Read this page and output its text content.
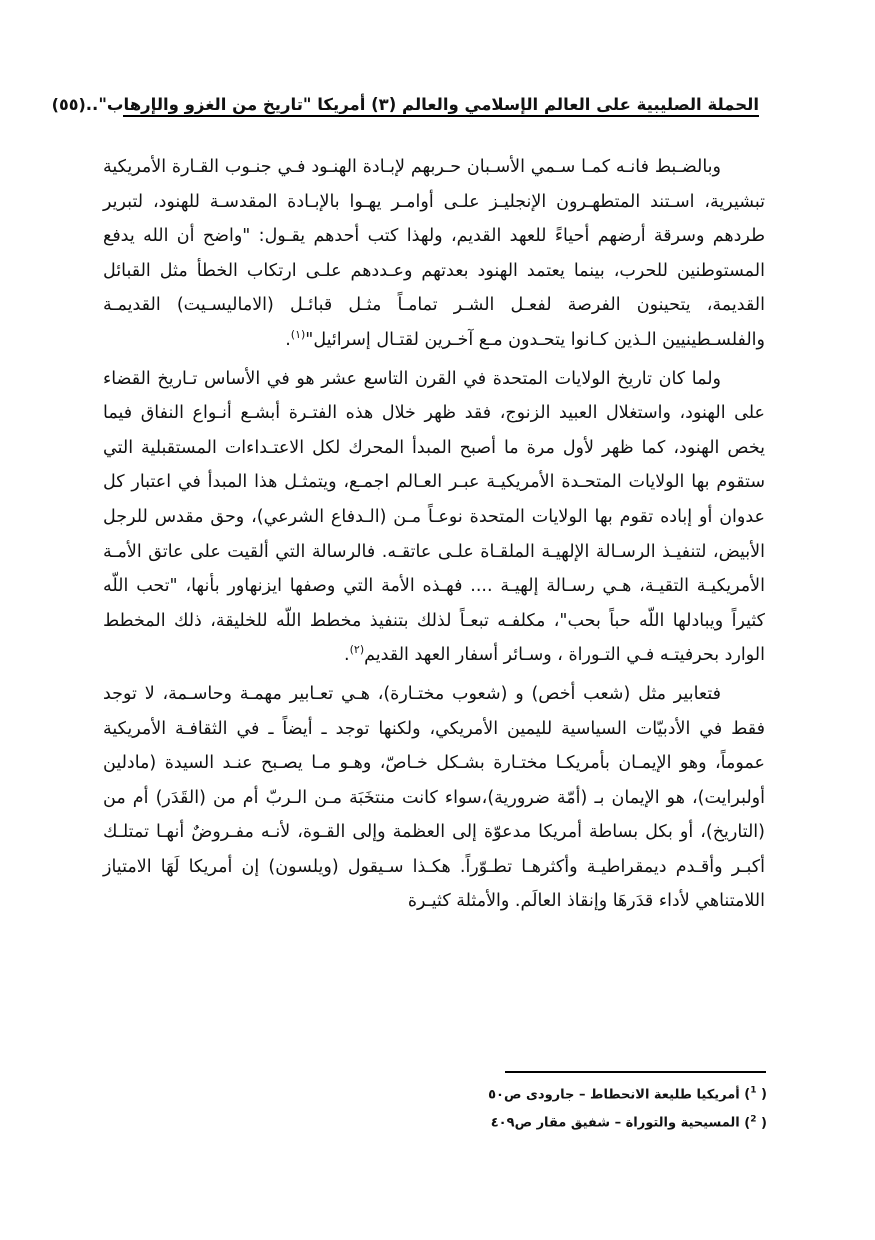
الحملة الصليبية على العالم الإسلامي والعالم (٣) أمريكا "تاريخ من الغزو والإرهاب"..
(٥٥)

وبالضـبط فانـه كمـا سـمي الأسـبان حـربهم لإبـادة الهنـود فـي جنـوب القـارة الأمريكية تبشيرية، اسـتند المتطهـرون الإنجليـز علـى أوامـر يهـوا بالإبـادة المقدسـة للهنود، لتبرير طردهم وسرقة أرضهم أحياءً للعهد القديم، ولهذا كتب أحدهم يقـول: "واضح أن الله يدفع المستوطنين للحرب، بينما يعتمد الهنود بعدتهم وعـددهم علـى ارتكاب الخطأ مثل القبائل القديمة، يتحينون الفرصة لفعـل الشـر تمامـاً مثـل قبائـل (الاماليسـيت) القديمـة والفلسـطينيين الـذين كـانوا يتحـدون مـع آخـرين لقتـال إسرائيل"$^{(١)}$.

ولما كان تاريخ الولايات المتحدة في القرن التاسع عشر هو في الأساس تـاريخ القضاء على الهنود، واستغلال العبيد الزنوج، فقد ظهر خلال هذه الفتـرة أبشـع أنـواع النفاق فيما يخص الهنود، كما ظهر لأول مرة ما أصبح المبدأ المحرك لكل الاعتـداءات المستقبلية التي ستقوم بها الولايات المتحـدة الأمريكيـة عبـر العـالم اجمـع، ويتمثـل هذا المبدأ في اعتبار كل عدوان أو إباده تقوم بها الولايات المتحدة نوعـاً مـن (الـدفاع الشرعي)، وحق مقدس للرجل الأبيض، لتنفيـذ الرسـالة الإلهيـة الملقـاة علـى عاتقـه. فالرسالة التي ألقيت على عاتق الأمـة الأمريكيـة التقيـة، هـي رسـالة إلهيـة .... فهـذه الأمة التي وصفها ايزنهاور بأنها، "تحب اللّه كثيراً ويبادلها اللّه حباً بحب"، مكلفـه تبعـاً لذلك بتنفيذ مخطط اللّه للخليقة، ذلك المخطط الوارد بحرفيتـه فـي التـوراة ، وسـائر أسفار العهد القديم$^{(٢)}$.

فتعابير مثل (شعب أخص) و (شعوب مختـارة)، هـي تعـابير مهمـة وحاسـمة، لا توجد فقط في الأدبيّات السياسية لليمين الأمريكي، ولكنها توجد ـ أيضاً ـ في الثقافـة الأمريكية عموماً، وهو الإيمـان بأمريكـا مختـارة بشـكل خـاصّ، وهـو مـا يصـبح عنـد السيدة (مادلين أولبرايت)، هو الإيمان بـ (أمّة ضرورية)،سواء كانت منتخَبَة مـن الـربّ أم من (القَدَر) أم من (التاريخ)، أو بكل بساطة أمريكا مدعوّة إلى العظمة وإلى القـوة، لأنـه مفـروضٌ أنهـا تمتلـك أكبـر وأقـدم ديمقراطيـة وأكثرهـا تطـوّراً. هكـذا سـيقول (ويلسون) إن أمريكا لَهَا الامتياز اللامتناهي لأداء قدَرهَا وإنقاذ العالَم. والأمثلة كثيـرة

( $^1$) أمريكيا طليعة الانحطاط – جارودى ص٥٠
( $^2$) المسيحية والتوراة – شفيق مقار ص٤٠٩
